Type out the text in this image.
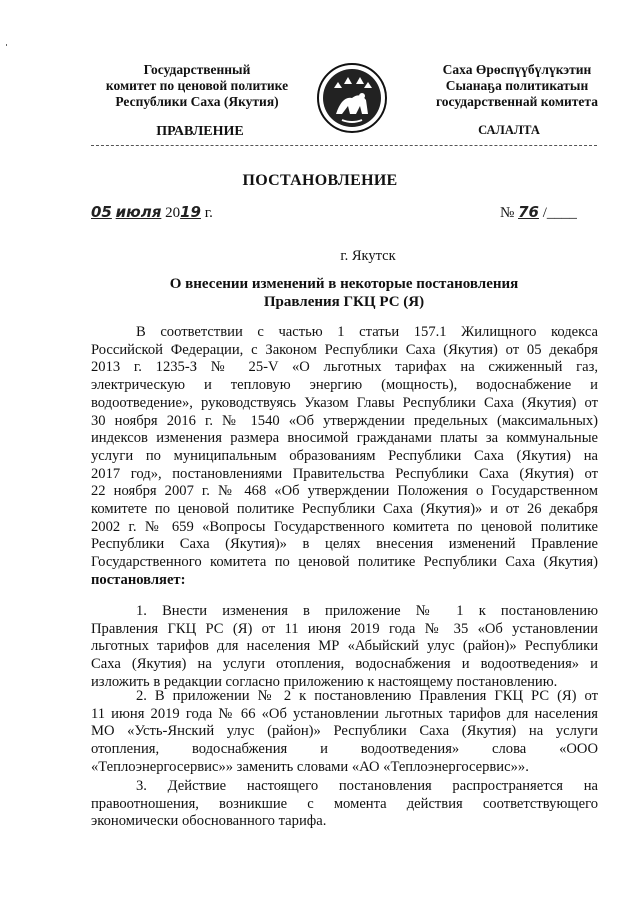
Государственный
комитет по ценовой политике
Республики Саха (Якутия)
Саха Өрөспүүбүлүкэтин
Сыанаҕа политикатын
государственнай комитета
ПРАВЛЕНИЕ	САЛАЛТА
ПОСТАНОВЛЕНИЕ
05 июля 2019 г.	№ 76 /____
г. Якутск
О внесении изменений в некоторые постановления
Правления ГКЦ РС (Я)
В соответствии с частью 1 статьи 157.1 Жилищного кодекса
Российской Федерации, с Законом Республики Саха (Якутия) от 05 декабря
2013 г. 1235-З № 25-V «О льготных тарифах на сжиженный газ,
электрическую и тепловую энергию (мощность), водоснабжение и
водоотведение», руководствуясь Указом Главы Республики Саха (Якутия) от
30 ноября 2016 г. № 1540 «Об утверждении предельных (максимальных)
индексов изменения размера вносимой гражданами платы за коммунальные
услуги по муниципальным образованиям Республики Саха (Якутия) на
2017 год», постановлениями Правительства Республики Саха (Якутия) от
22 ноября 2007 г. № 468 «Об утверждении Положения о Государственном
комитете по ценовой политике Республики Саха (Якутия)» и от 26 декабря
2002 г. № 659 «Вопросы Государственного комитета по ценовой политике
Республики Саха (Якутия)» в целях внесения изменений Правление
Государственного комитета по ценовой политике Республики Саха (Якутия)
постановляет:
1. Внести изменения в приложение № 1 к постановлению
Правления ГКЦ РС (Я) от 11 июня 2019 года № 35 «Об установлении
льготных тарифов для населения МР «Абыйский улус (район)» Республики
Саха (Якутия) на услуги отопления, водоснабжения и водоотведения» и
изложить в редакции согласно приложению к настоящему постановлению.
2. В приложении № 2 к постановлению Правления ГКЦ РС (Я) от
11 июня 2019 года № 66 «Об установлении льготных тарифов для населения
МО «Усть-Янский улус (район)» Республики Саха (Якутия) на услуги
отопления, водоснабжения и водоотведения» слова «ООО
«Теплоэнергосервис»» заменить словами «АО «Теплоэнергосервис»».
3. Действие настоящего постановления распространяется на
правоотношения, возникшие с момента действия соответствующего
экономически обоснованного тарифа.
